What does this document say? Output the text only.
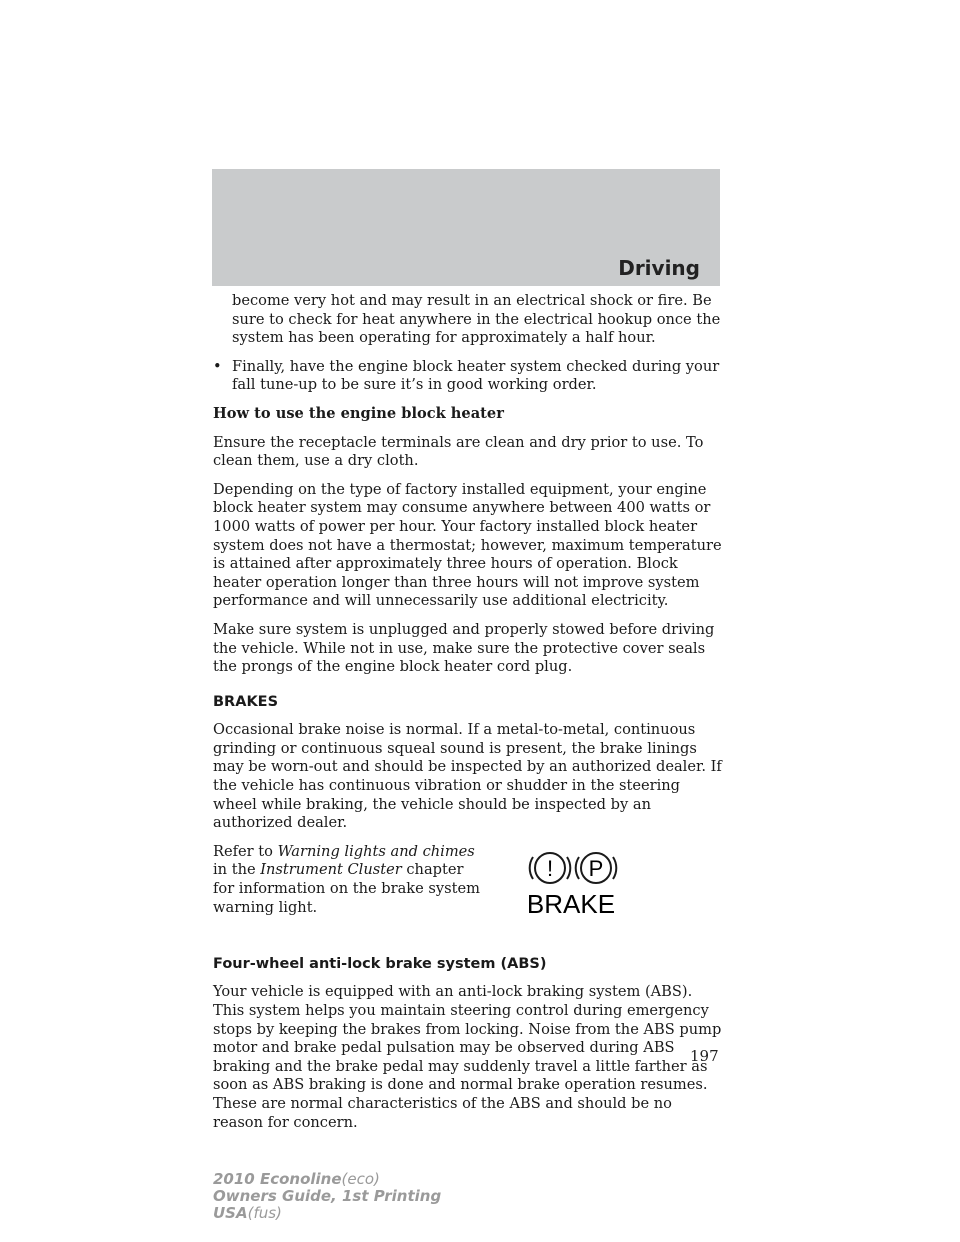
Driving

become very hot and may result in an electrical shock or fire. Be sure to check for heat anywhere in the electrical hookup once the system has been operating for approximately a half hour.

• Finally, have the engine block heater system checked during your fall tune-up to be sure it’s in good working order.

How to use the engine block heater

Ensure the receptacle terminals are clean and dry prior to use. To clean them, use a dry cloth.

Depending on the type of factory installed equipment, your engine block heater system may consume anywhere between 400 watts or 1000 watts of power per hour. Your factory installed block heater system does not have a thermostat; however, maximum temperature is attained after approximately three hours of operation. Block heater operation longer than three hours will not improve system performance and will unnecessarily use additional electricity.

Make sure system is unplugged and properly stowed before driving the vehicle. While not in use, make sure the protective cover seals the prongs of the engine block heater cord plug.

BRAKES

Occasional brake noise is normal. If a metal-to-metal, continuous grinding or continuous squeal sound is present, the brake linings may be worn-out and should be inspected by an authorized dealer. If the vehicle has continuous vibration or shudder in the steering wheel while braking, the vehicle should be inspected by an authorized dealer.

Refer to Warning lights and chimes in the Instrument Cluster chapter for information on the brake system warning light.
! P
BRAKE
Four-wheel anti-lock brake system (ABS)

Your vehicle is equipped with an anti-lock braking system (ABS). This system helps you maintain steering control during emergency stops by keeping the brakes from locking. Noise from the ABS pump motor and brake pedal pulsation may be observed during ABS braking and the brake pedal may suddenly travel a little farther as soon as ABS braking is done and normal brake operation resumes. These are normal characteristics of the ABS and should be no reason for concern.

197
2010 Econoline(eco)
Owners Guide, 1st Printing
USA(fus)
